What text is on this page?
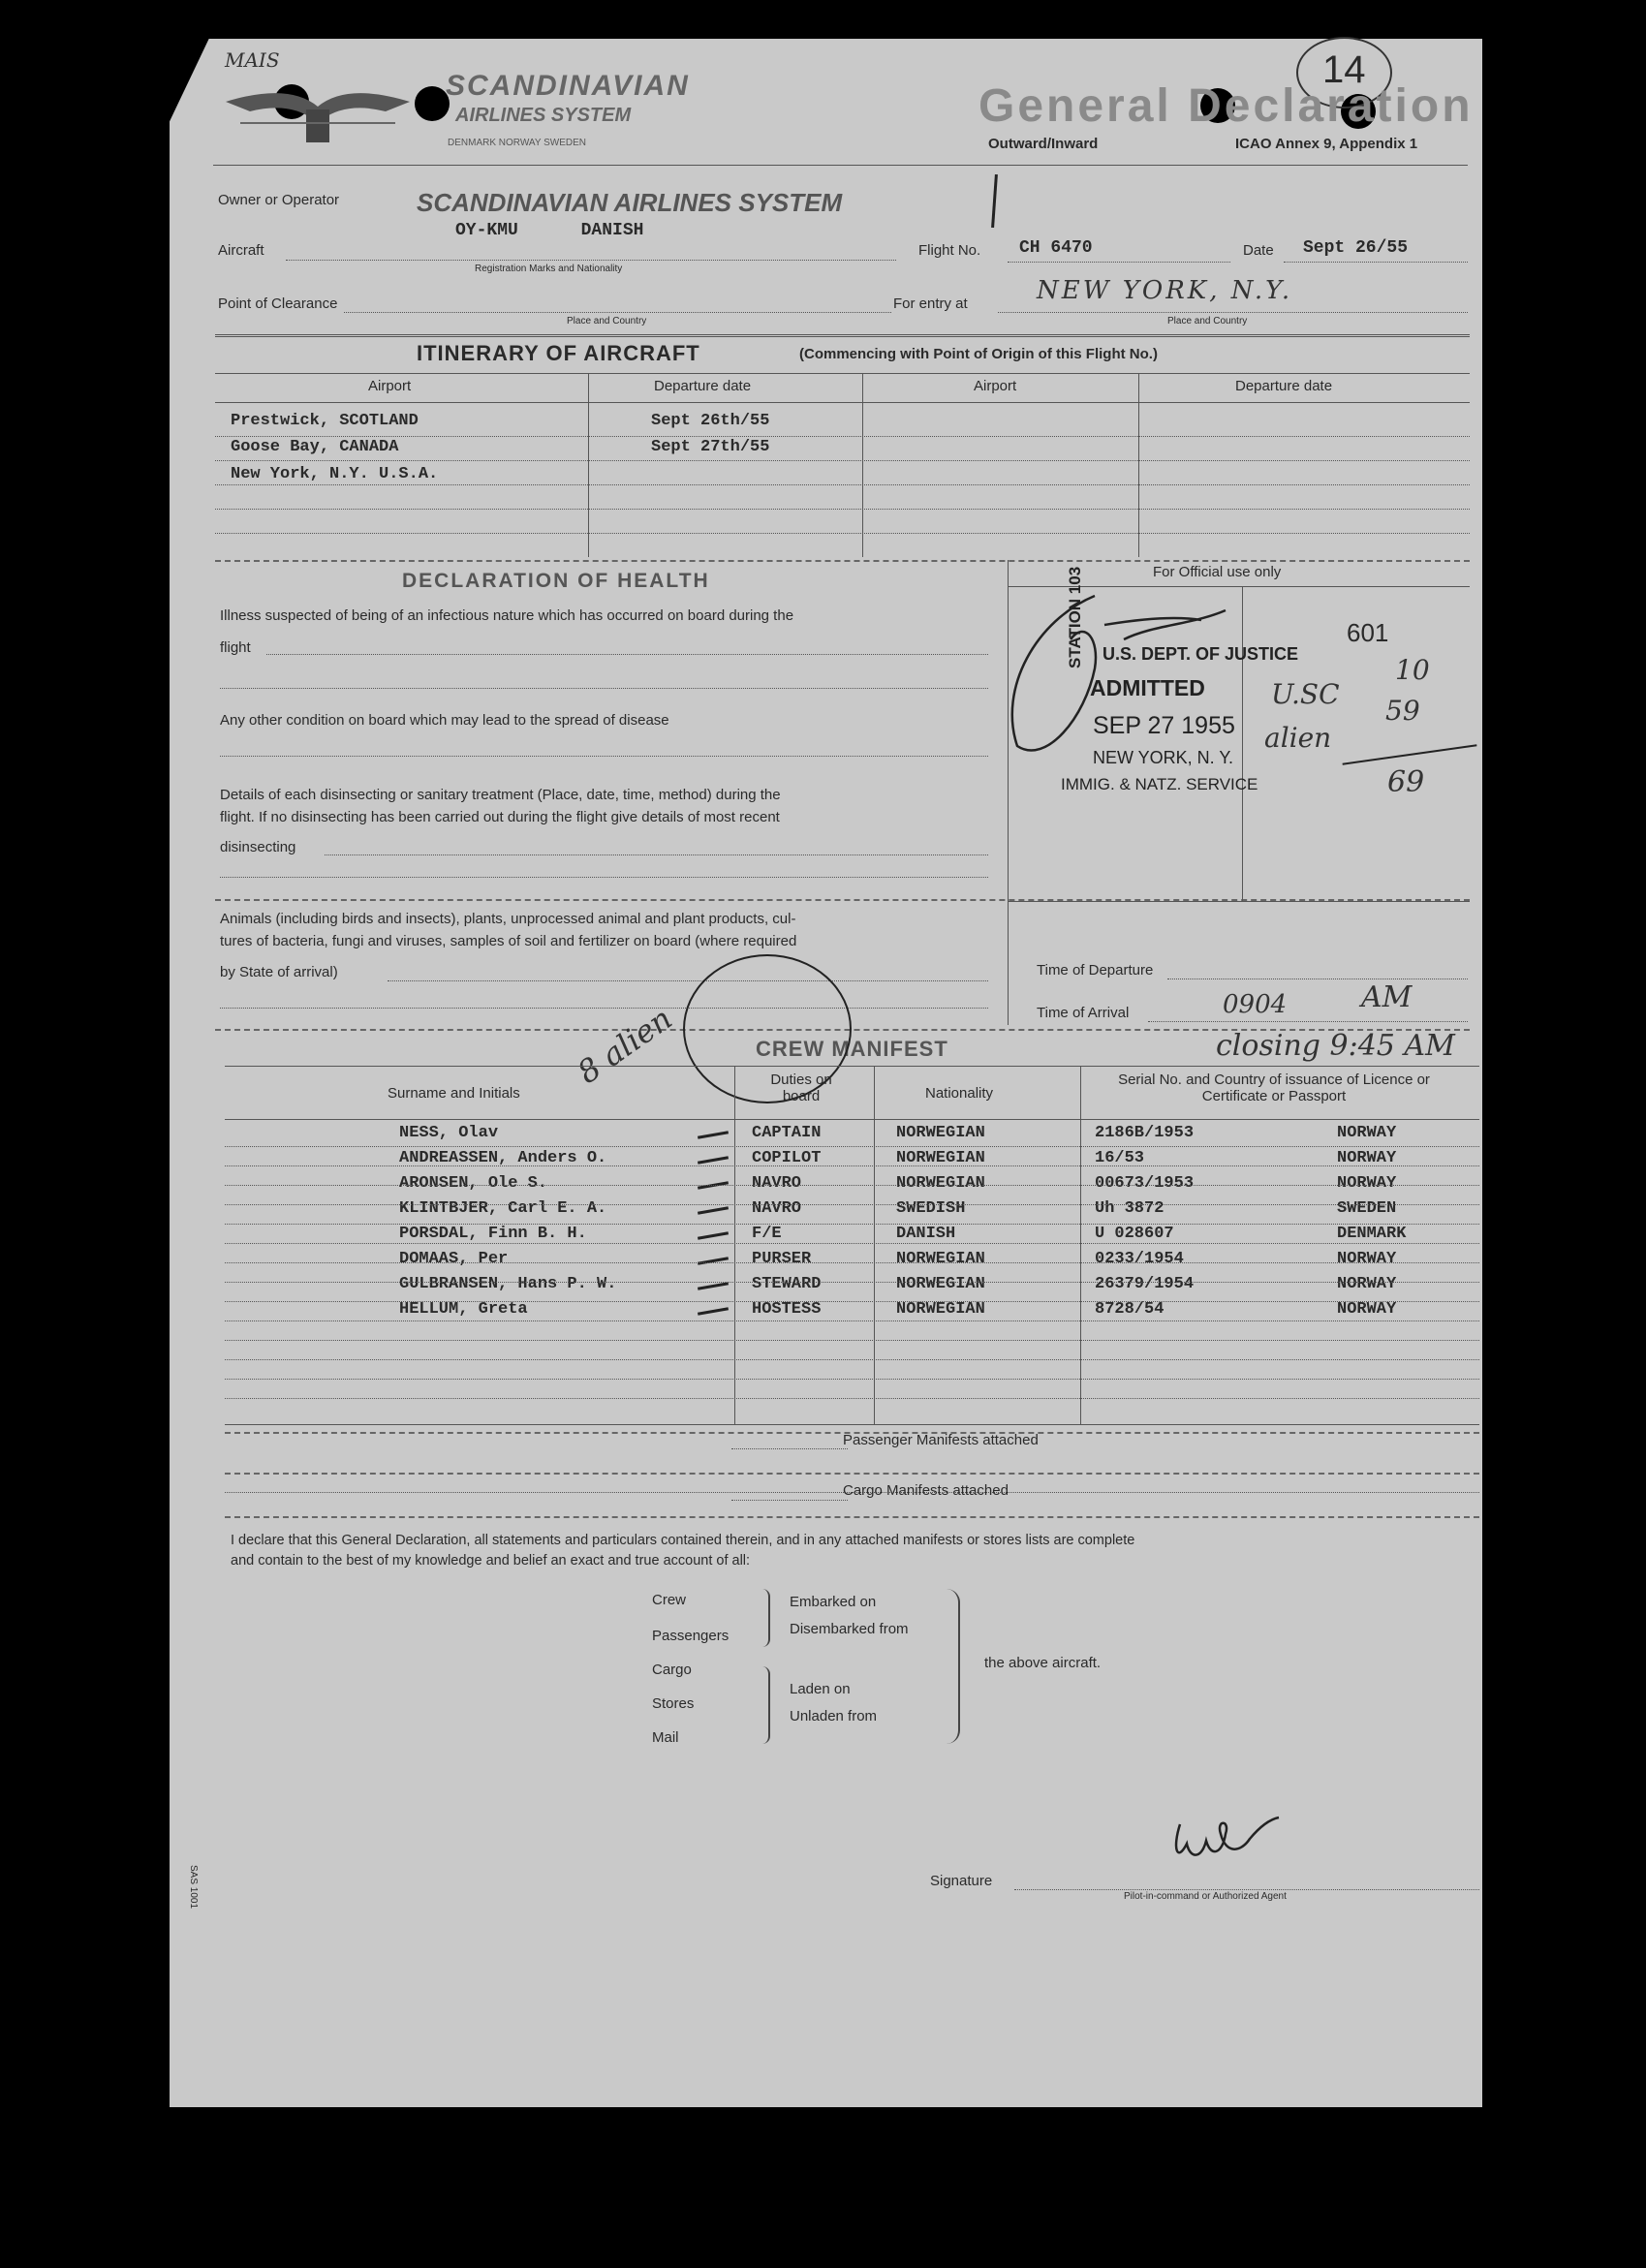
MAIS
SCANDINAVIAN
AIRLINES SYSTEM
DENMARK NORWAY SWEDEN
14
General Declaration
Outward/Inward	ICAO Annex 9, Appendix 1
Owner or Operator	SCANDINAVIAN AIRLINES SYSTEM
Aircraft
OY-KMU      DANISH
Registration Marks and Nationality
Flight No. CH 6470	Date Sept 26/55
Point of Clearance
Place and Country
For entry at	NEW YORK, N.Y.
Place and Country
ITINERARY OF AIRCRAFT	(Commencing with Point of Origin of this Flight No.)
Airport	Departure date	Airport	Departure date
Prestwick, SCOTLAND	Sept 26th/55
Goose Bay, CANADA	Sept 27th/55
New York, N.Y. U.S.A.
DECLARATION OF HEALTH
Illness suspected of being of an infectious nature which has occurred on board during the
flight
Any other condition on board which may lead to the spread of disease
Details of each disinsecting or sanitary treatment (Place, date, time, method) during the
flight. If no disinsecting has been carried out during the flight give details of most recent
disinsecting
Animals (including birds and insects), plants, unprocessed animal and plant products, cul-
tures of bacteria, fungi and viruses, samples of soil and fertilizer on board (where required
by State of arrival)
For Official use only
STATION 103 U.S. DEPT. OF JUSTICE
ADMITTED
SEP 27 1955
NEW YORK, N. Y.
IMMIG. & NATZ. SERVICE
601
U.SC
10
alien
59
69
Time of Departure
Time of Arrival	0904	AM
closing 9:45 AM
CREW MANIFEST
8 alien
Surname and Initials
Duties on board	Nationality
Serial No. and Country of issuance of Licence or Certificate or Passport
NESS, Olav	CAPTAIN	NORWEGIAN	2186B/1953	NORWAY
ANDREASSEN, Anders O.	COPILOT	NORWEGIAN	16/53	NORWAY
ARONSEN, Ole S.	NAVRO	NORWEGIAN	00673/1953	NORWAY
KLINTBJER, Carl E. A.	NAVRO	SWEDISH	Uh 3872	SWEDEN
PORSDAL, Finn B. H.	F/E	DANISH	U 028607	DENMARK
DOMAAS, Per	PURSER	NORWEGIAN	0233/1954	NORWAY
GULBRANSEN, Hans P. W.	STEWARD	NORWEGIAN	26379/1954	NORWAY
HELLUM, Greta	HOSTESS	NORWEGIAN	8728/54	NORWAY
Passenger Manifests attached
Cargo Manifests attached
I declare that this General Declaration, all statements and particulars contained therein, and in any attached manifests or stores lists are complete
and contain to the best of my knowledge and belief an exact and true account of all:
Crew
Passengers
Cargo
Stores
Mail
Embarked on
Disembarked from
Laden on
Unladen from
the above aircraft.
Signature
Pilot-in-command or Authorized Agent
SAS 1001
